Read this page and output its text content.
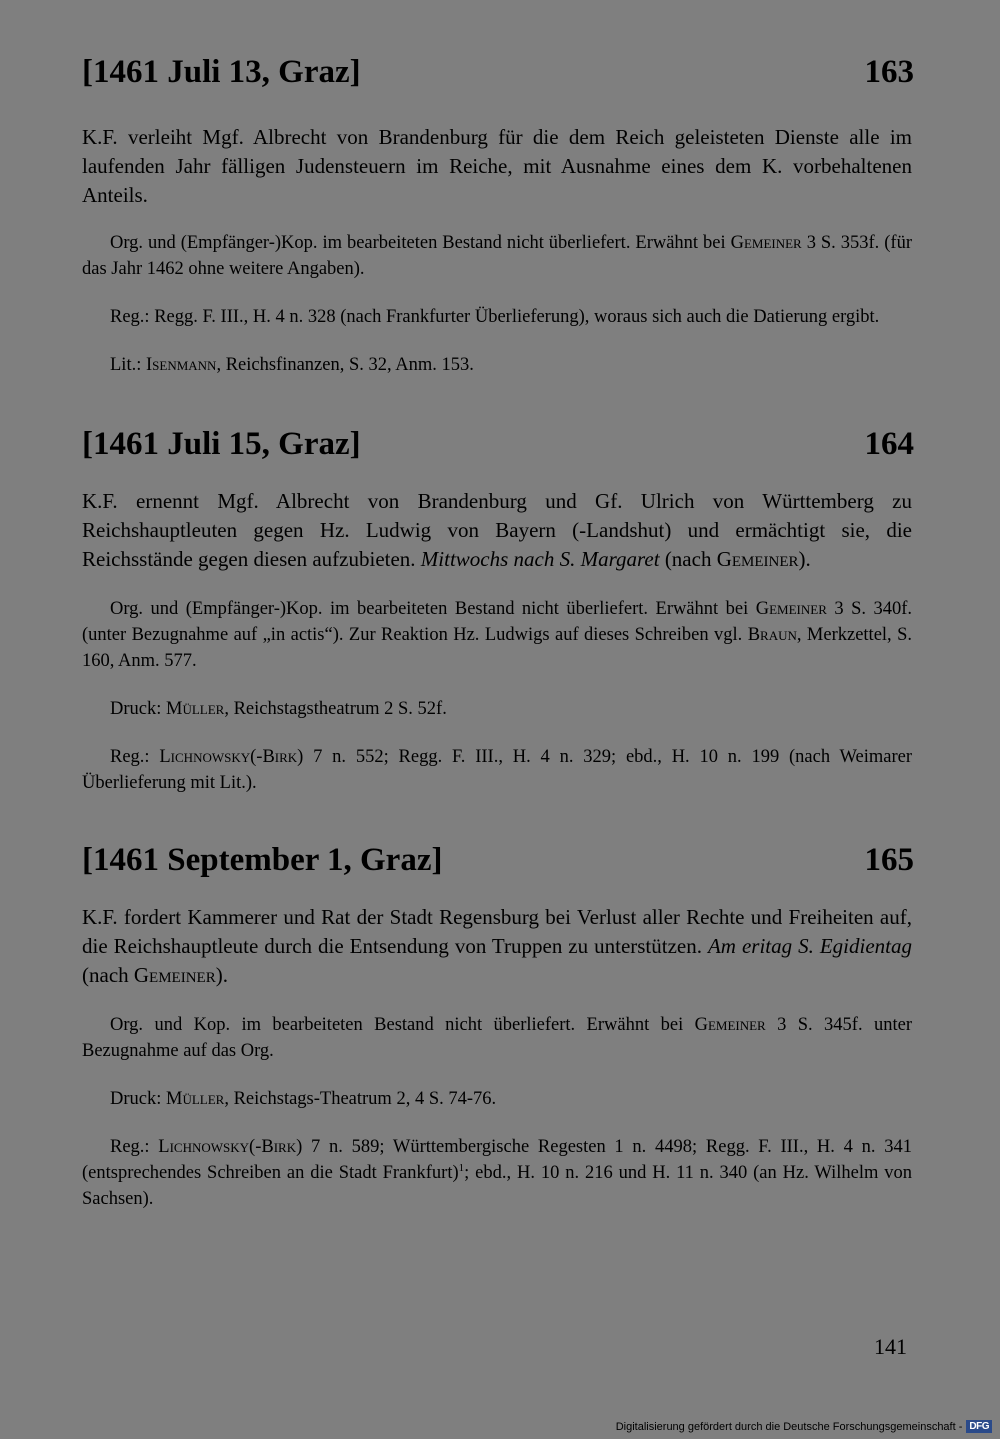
[1461 Juli 13, Graz]	163

K.F. verleiht Mgf. Albrecht von Brandenburg für die dem Reich geleisteten Dienste alle im laufenden Jahr fälligen Judensteuern im Reiche, mit Ausnahme eines dem K. vorbehaltenen Anteils.

Org. und (Empfänger-)Kop. im bearbeiteten Bestand nicht überliefert. Erwähnt bei Gemeiner 3 S. 353f. (für das Jahr 1462 ohne weitere Angaben).

Reg.: Regg. F. III., H. 4 n. 328 (nach Frankfurter Überlieferung), woraus sich auch die Datierung ergibt.

Lit.: Isenmann, Reichsfinanzen, S. 32, Anm. 153.

[1461 Juli 15, Graz]	164

K.F. ernennt Mgf. Albrecht von Brandenburg und Gf. Ulrich von Württemberg zu Reichshauptleuten gegen Hz. Ludwig von Bayern (-Landshut) und ermächtigt sie, die Reichsstände gegen diesen aufzubieten. Mittwochs nach S. Margaret (nach Gemeiner).

Org. und (Empfänger-)Kop. im bearbeiteten Bestand nicht überliefert. Erwähnt bei Gemeiner 3 S. 340f. (unter Bezugnahme auf „in actis“). Zur Reaktion Hz. Ludwigs auf dieses Schreiben vgl. Braun, Merkzettel, S. 160, Anm. 577.

Druck: Müller, Reichstagstheatrum 2 S. 52f.

Reg.: Lichnowsky(-Birk) 7 n. 552; Regg. F. III., H. 4 n. 329; ebd., H. 10 n. 199 (nach Weimarer Überlieferung mit Lit.).

[1461 September 1, Graz]	165

K.F. fordert Kammerer und Rat der Stadt Regensburg bei Verlust aller Rechte und Freiheiten auf, die Reichshauptleute durch die Entsendung von Truppen zu unterstützen. Am eritag S. Egidientag (nach Gemeiner).

Org. und Kop. im bearbeiteten Bestand nicht überliefert. Erwähnt bei Gemeiner 3 S. 345f. unter Bezugnahme auf das Org.

Druck: Müller, Reichstags-Theatrum 2, 4 S. 74-76.

Reg.: Lichnowsky(-Birk) 7 n. 589; Württembergische Regesten 1 n. 4498; Regg. F. III., H. 4 n. 341 (entsprechendes Schreiben an die Stadt Frankfurt)$^1$; ebd., H. 10 n. 216 und H. 11 n. 340 (an Hz. Wilhelm von Sachsen).

141
Digitalisierung gefördert durch die Deutsche Forschungsgemeinschaft - DFG
